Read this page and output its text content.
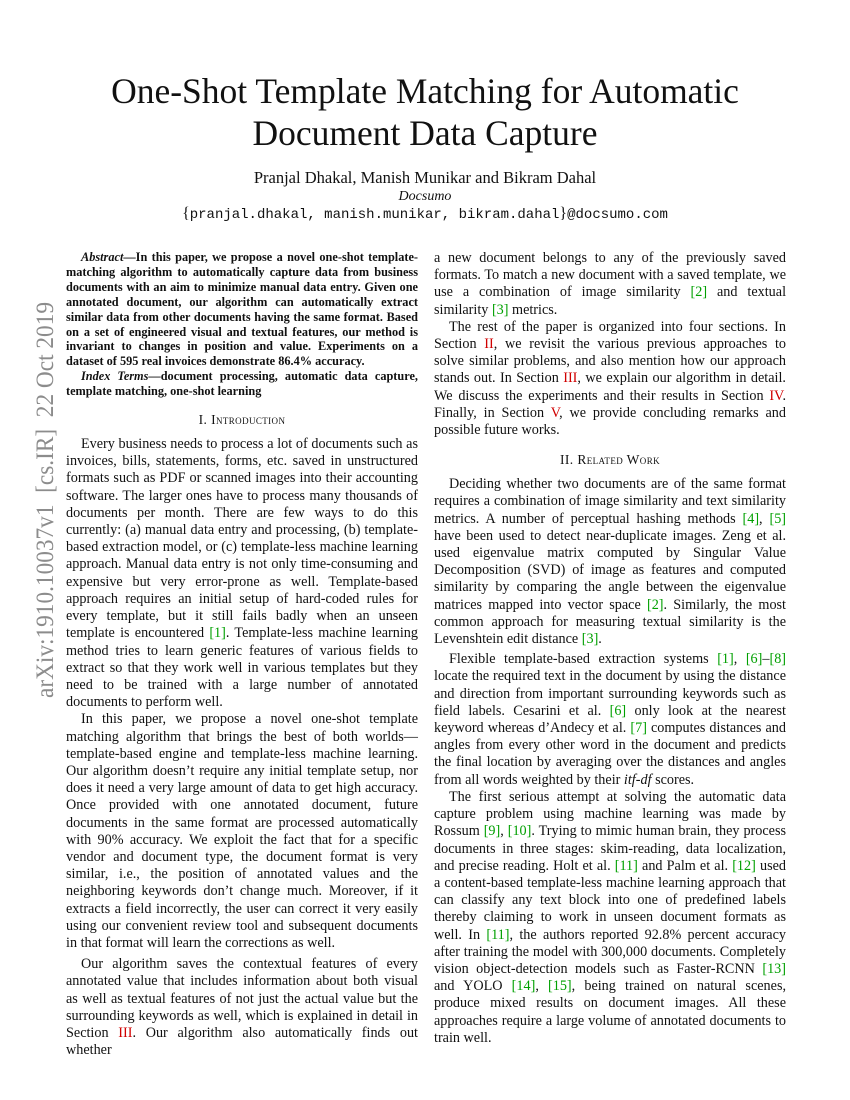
arXiv:1910.10037v1  [cs.IR]  22 Oct 2019
One-Shot Template Matching for Automatic
Document Data Capture
Pranjal Dhakal, Manish Munikar and Bikram Dahal
Docsumo
{pranjal.dhakal, manish.munikar, bikram.dahal}@docsumo.com

Abstract—In this paper, we propose a novel one-shot template-matching algorithm to automatically capture data from business documents with an aim to minimize manual data entry. Given one annotated document, our algorithm can automatically extract similar data from other documents having the same format. Based on a set of engineered visual and textual features, our method is invariant to changes in position and value. Experiments on a dataset of 595 real invoices demonstrate 86.4% accuracy.

Index Terms—document processing, automatic data capture, template matching, one-shot learning

I. Introduction

Every business needs to process a lot of documents such as invoices, bills, statements, forms, etc. saved in unstructured formats such as PDF or scanned images into their accounting software. The larger ones have to process many thousands of documents per month. There are few ways to do this currently: (a) manual data entry and processing, (b) template-based extraction model, or (c) template-less machine learning approach. Manual data entry is not only time-consuming and expensive but very error-prone as well. Template-based approach requires an initial setup of hard-coded rules for every template, but it still fails badly when an unseen template is encountered [1]. Template-less machine learning method tries to learn generic features of various fields to extract so that they work well in various templates but they need to be trained with a large number of annotated documents to perform well.

In this paper, we propose a novel one-shot template matching algorithm that brings the best of both worlds—template-based engine and template-less machine learning. Our algorithm doesn’t require any initial template setup, nor does it need a very large amount of data to get high accuracy. Once provided with one annotated document, future documents in the same format are processed automatically with 90% accuracy. We exploit the fact that for a specific vendor and document type, the document format is very similar, i.e., the position of annotated values and the neighboring keywords don’t change much. Moreover, if it extracts a field incorrectly, the user can correct it very easily using our convenient review tool and subsequent documents in that format will learn the corrections as well.

Our algorithm saves the contextual features of every annotated value that includes information about both visual as well as textual features of not just the actual value but the surrounding keywords as well, which is explained in detail in Section III. Our algorithm also automatically finds out whether

a new document belongs to any of the previously saved formats. To match a new document with a saved template, we use a combination of image similarity [2] and textual similarity [3] metrics.

The rest of the paper is organized into four sections. In Section II, we revisit the various previous approaches to solve similar problems, and also mention how our approach stands out. In Section III, we explain our algorithm in detail. We discuss the experiments and their results in Section IV. Finally, in Section V, we provide concluding remarks and possible future works.

II. Related Work

Deciding whether two documents are of the same format requires a combination of image similarity and text similarity metrics. A number of perceptual hashing methods [4], [5] have been used to detect near-duplicate images. Zeng et al. used eigenvalue matrix computed by Singular Value Decomposition (SVD) of image as features and computed similarity by comparing the angle between the eigenvalue matrices mapped into vector space [2]. Similarly, the most common approach for measuring textual similarity is the Levenshtein edit distance [3].

Flexible template-based extraction systems [1], [6]–[8] locate the required text in the document by using the distance and direction from important surrounding keywords such as field labels. Cesarini et al. [6] only look at the nearest keyword whereas d’Andecy et al. [7] computes distances and angles from every other word in the document and predicts the final location by averaging over the distances and angles from all words weighted by their itf-df scores.

The first serious attempt at solving the automatic data capture problem using machine learning was made by Rossum [9], [10]. Trying to mimic human brain, they process documents in three stages: skim-reading, data localization, and precise reading. Holt et al. [11] and Palm et al. [12] used a content-based template-less machine learning approach that can classify any text block into one of predefined labels thereby claiming to work in unseen document formats as well. In [11], the authors reported 92.8% percent accuracy after training the model with 300,000 documents. Completely vision object-detection models such as Faster-RCNN [13] and YOLO [14], [15], being trained on natural scenes, produce mixed results on document images. All these approaches require a large volume of annotated documents to train well.
